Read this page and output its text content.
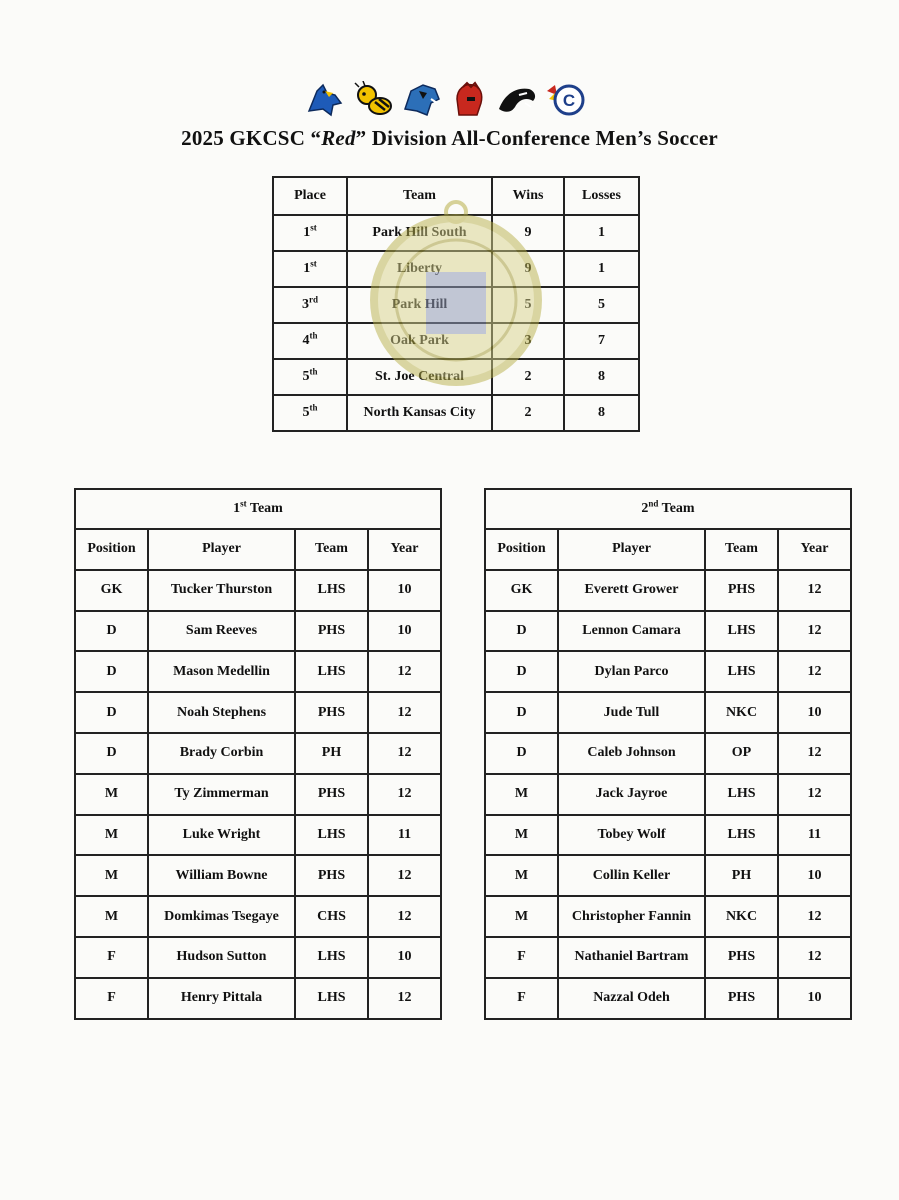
C
2025 GKCSC “Red” Division All-Conference Men’s Soccer
Place	Team	Wins	Losses
1st	Park Hill South	9	1
1st	Liberty	9	1
3rd	Park Hill	5	5
4th	Oak Park	3	7
5th	St. Joe Central	2	8
5th	North Kansas City	2	8
1st Team			
Position	Player	Team	Year
GK	Tucker Thurston	LHS	10
D	Sam Reeves	PHS	10
D	Mason Medellin	LHS	12
D	Noah Stephens	PHS	12
D	Brady Corbin	PH	12
M	Ty Zimmerman	PHS	12
M	Luke Wright	LHS	11
M	William Bowne	PHS	12
M	Domkimas Tsegaye	CHS	12
F	Hudson Sutton	LHS	10
F	Henry Pittala	LHS	12
2nd Team			
Position	Player	Team	Year
GK	Everett Grower	PHS	12
D	Lennon Camara	LHS	12
D	Dylan Parco	LHS	12
D	Jude Tull	NKC	10
D	Caleb Johnson	OP	12
M	Jack Jayroe	LHS	12
M	Tobey Wolf	LHS	11
M	Collin Keller	PH	10
M	Christopher Fannin	NKC	12
F	Nathaniel Bartram	PHS	12
F	Nazzal Odeh	PHS	10
